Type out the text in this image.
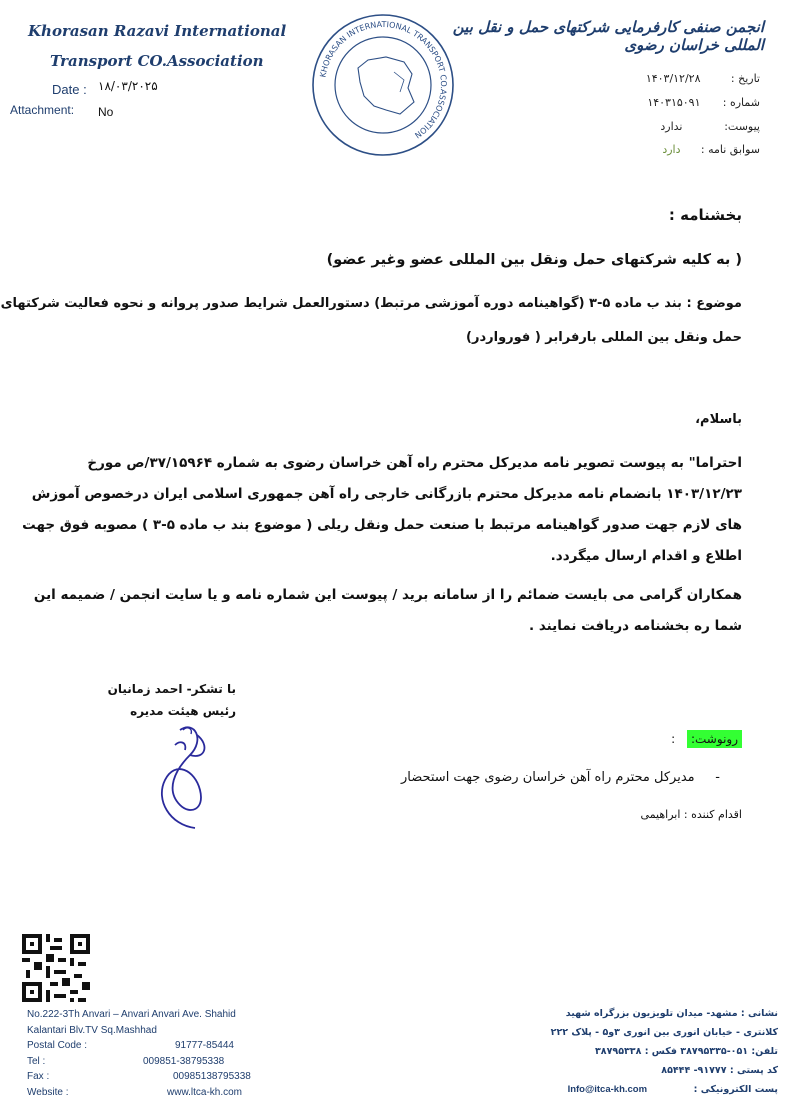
Khorasan Razavi International
Transport CO.Association
Date : ۱۸/۰۳/۲۰۲۵
Attachment: No
KHORASAN INTERNATIONAL TRANSPORT CO.ASSOCIATION
انجمن صنفی کارفرمایی شرکتهای حمل و نقل بین المللی خراسان رضوی
تاریخ : ۱۴۰۳/۱۲/۲۸
شماره : ۱۴۰۳۱۵۰۹۱
پیوست: ندارد
سوابق نامه : دارد
بخشنامه :
( به کلیه شرکتهای حمل ونقل بین المللی عضو وغیر عضو)
موضوع : بند ب ماده ۵-۳ (گواهینامه دوره آموزشی مرتبط) دستورالعمل شرایط صدور پروانه و نحوه فعالیت شرکتهای
حمل ونقل بین المللی بارفرابر ( فورواردر)
باسلام،
احتراما" به پیوست تصویر نامه مدیرکل محترم راه آهن خراسان رضوی به شماره ۳۷/۱۵۹۶۴/ص مورخ
۱۴۰۳/۱۲/۲۳ بانضمام نامه مدیرکل محترم بازرگانی خارجی راه آهن جمهوری اسلامی ایران درخصوص آموزش
های لازم جهت صدور گواهینامه مرتبط با صنعت حمل ونقل ریلی ( موضوع بند ب ماده ۵-۳ ) مصوبه فوق جهت
اطلاع و اقدام ارسال میگردد.
همکاران گرامی می بایست ضمائم را از سامانه برید / پیوست این شماره نامه و یا سایت انجمن / ضمیمه این
شما ره بخشنامه دریافت نمایند .
با تشکر- احمد زمانیان
رئیس هیئت مدیره
رونوشت: :
-     مدیرکل محترم راه آهن خراسان رضوی جهت استحضار
اقدام کننده : ابراهیمی
No.222-3Th Anvari – Anvari Anvari Ave. Shahid
Kalantari Blv.TV Sq.Mashhad
Postal Code :	91777-85444
Tel :	009851-38795338
Fax :	00985138795338
Website :	www.ltca-kh.com
نشانی : مشهد- میدان تلویزیون بزرگراه شهید
کلانتری - خیابان انوری بین انوری ۳و۵ - پلاک ۲۲۲
تلفن: ۰۵۱-۳۸۷۹۵۳۳۵ فکس : ۳۸۷۹۵۳۳۸
کد پستی : ۹۱۷۷۷- ۸۵۴۴۴
پست الکترونیکی :  Info@itca-kh.com
